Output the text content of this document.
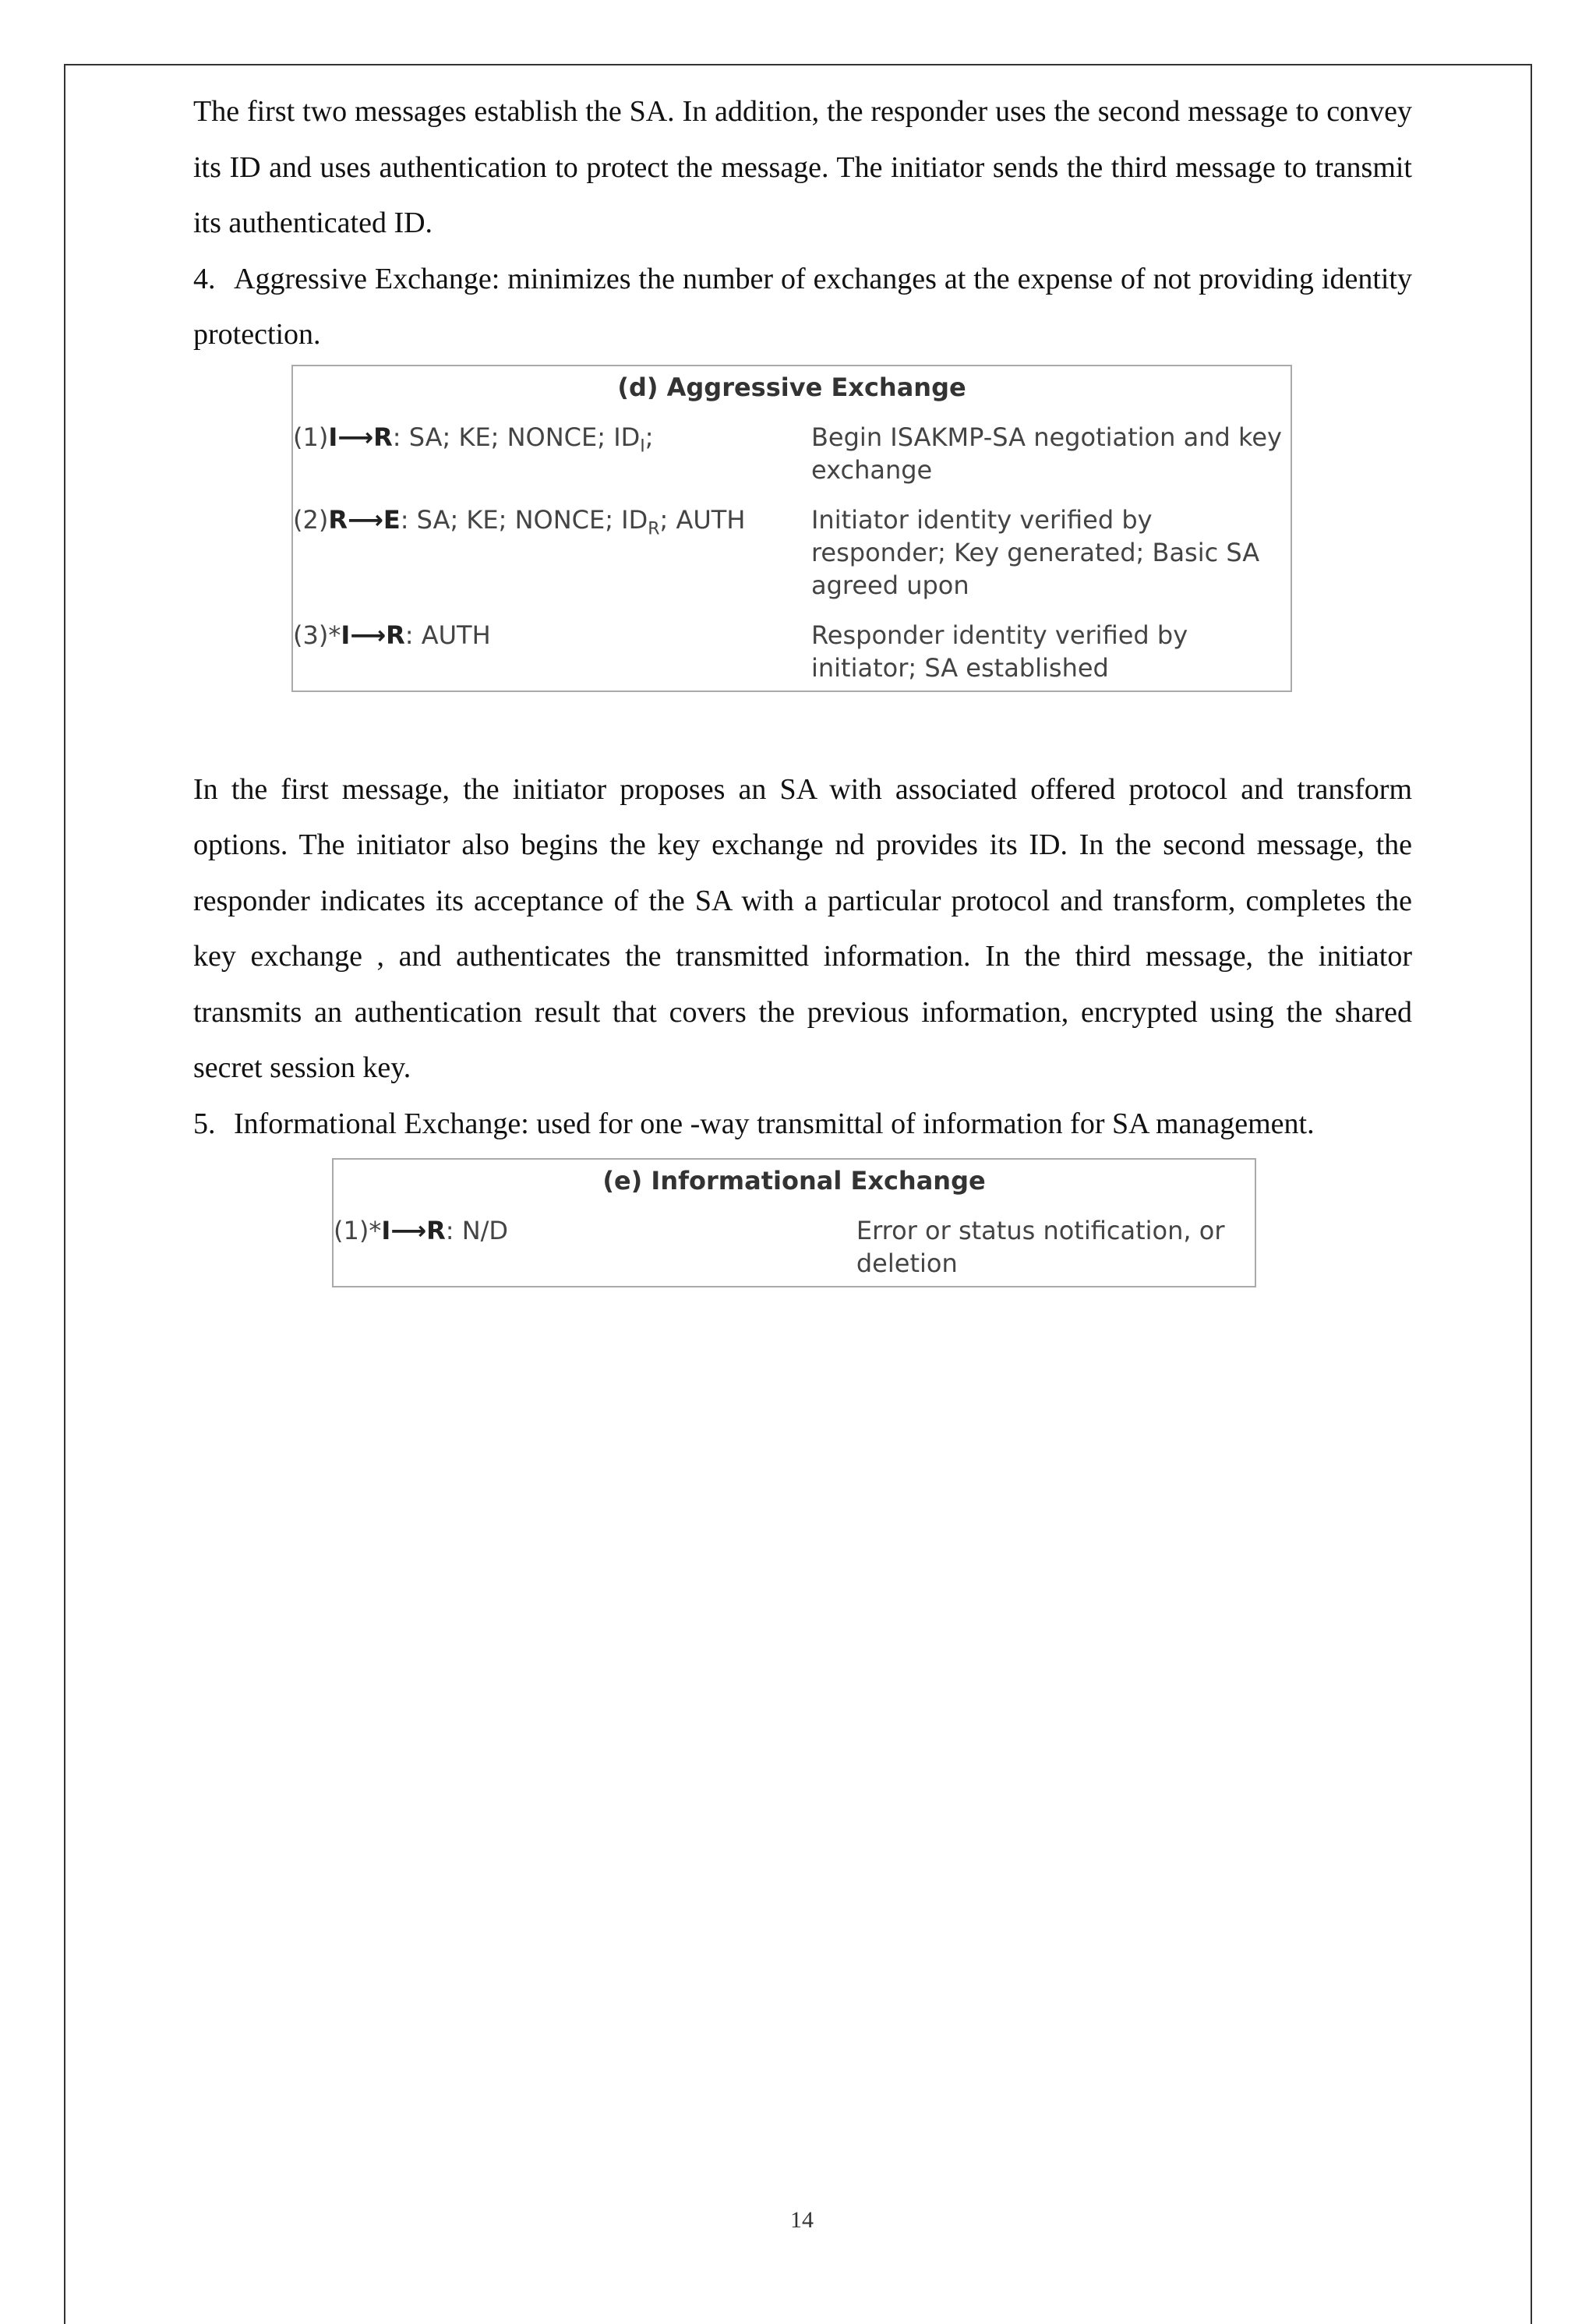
The first two messages establish the SA. In addition, the responder uses the second message to convey its ID and uses authentication to protect the message. The initiator sends the third message to transmit its authenticated ID.

4. Aggressive Exchange: minimizes the number of exchanges at the expense of not providing identity protection.

(d) Aggressive Exchange
(1)I⟶R: SA; KE; NONCE; $ID_I$;	Begin ISAKMP-SA negotiation and key exchange
(2)R⟶E: SA; KE; NONCE; $ID_R$; AUTH	Initiator identity verified by responder; Key generated; Basic SA agreed upon
(3)*I⟶R: AUTH	Responder identity verified by initiator; SA established

In the first message, the initiator proposes an SA with associated offered protocol and transform options. The initiator also begins the key exchange nd provides its ID. In the second message, the responder indicates its acceptance of the SA with a particular protocol and transform, completes the key exchange , and authenticates the transmitted information. In the third message, the initiator transmits an authentication result that covers the previous information, encrypted using the shared secret session key.

5. Informational Exchange: used for one -way transmittal of information for SA management.

(e) Informational Exchange
(1)*I⟶R: N/D	Error or status notification, or deletion
14
